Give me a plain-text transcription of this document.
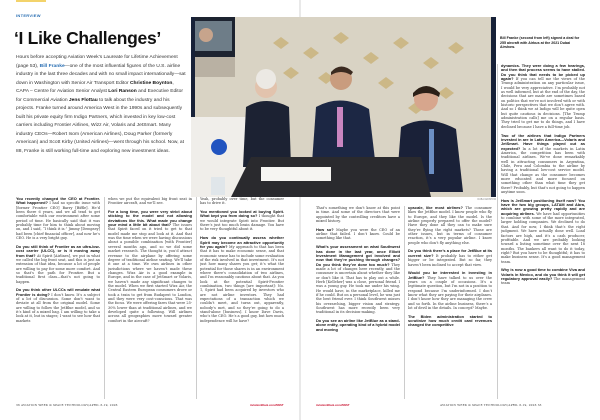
INTERVIEW
‘I Like Challenges’
Hours before accepting Aviation Week’s Laureate for Lifetime Achievement (page 53), Bill Franke—one of the most influential figures of the U.S. airline industry in the last three decades and with no small impact internationally—sat down in Washington with Senior Air Transport Editor Christine Boynton, CAPA – Centre for Aviation Senior Analyst Lori Ranson and Executive Editor for Commercial Aviation Jens Flottau to talk about the industry and his projects. Franke turned around America West in the 1990s and subsequently built his private equity firm Indigo Partners, which invested in key low-cost carriers including Frontier Airlines, Wizz Air, Volaris and JetSmart. Many industry CEOs—Robert Isom (American Airlines), Doug Parker (formerly American) and Scott Kirby (United Airlines)—went through his school. Now, at 88, Franke is still working full-time and exploring new investment ideas.
DUBAI AIRSHOW
Bill Franke (second from left) signed a deal for 255 aircraft with Airbus at the 2021 Dubai Airshow.

You recently changed the CEO at Frontier. What happened? I had no specific issue with [former Frontier CEO] Barry [Biffle]. He’d been there 6 years, and we all tend to get comfortable with our environment after some period of time. He basically said that it was probably time for him to think about moving on, and I said, “I think it is.” Jimmy [Dempsey] had been [chief financial officer], and now he’s CEO. He is a very bright guy.

Do you still think of Frontier as an ultra-low-cost carrier (ULCC), or is it moving away from that? At Spirit [Airlines], we put in what we called the big front seat, and this is just an extension of that idea, because a lot of people are willing to pay for some more comfort. And so that’s the path for Frontier. But a traditional first class—that’s not going to happen.

Do you think other ULCCs will emulate what Frontier is doing? I don’t know. It’s a subject of a lot of discussion. Some don’t want to deviate at all from the original model. Some are willing to follow the JetBlue model, and so it’s kind of a mixed bag. I am willing to take a look at it, but in stages; I want to see how that markets

when we put the equivalent big front seat in Frontier aircraft, and we’ll see.

For a long time, you were very strict about sticking to the model and not allowing deviations like this. What made you change your mind a little bit about that? The issues that Spirit faced on it tried to get to that model made me stop and look at it. And that was the time when we were having discussions about a possible combination [with Frontier] several months ago, and so we did some market research. The thought is, you’d attract revenue to the airplane by offering some degree of traditional airline seating. We’ll take it one at a time. We own airlines in other jurisdictions where we haven’t made these changes. Wizz Air is a good example in Europe, and in the case of JetSmart or Volaris, we haven’t made any significant changes to the model. When we first started Wizz Air, the Central Eastern European consumers drove or took a train to get from Budapest to London, and they were very cost-conscious. That was the focus. We were offering fares that were 25-30% lower than at traditional airlines, and we developed quite a following. Will airlines across all geographies move toward greater comfort in the aircraft?

Yeah, probably over time, but the consumer has to drive it.

You mentioned you looked at buying Spirit. What kept you from doing so? I thought that we would integrate Spirit into Frontier. But there’s just too much brain damage. You have to be very thoughtful about it.

How do you continually assess whether Spirit may become an attractive opportunity for you again? My approach to that has been that it has to make economic sense, and that economic sense has to include some evaluation of the risk involved in that investment. It’s not just how many shares you get; it’s what the potential for those shares is in an environment where there’s consolidation of two airlines, and I’m reasonably cautious about that. As you look at the potential Spirit-Frontier combination, two things [are important]: No. 1, Spirit had been acquired by investors who are not airline investors. They had expectations of a transaction which we couldn’t meet, and turns out, apparently, nobody’s met, and so they’re going to do a stand-alone [business]. I know Dave Davis, who’s the CEO. He’s a good guy, but how much independence will he have?

That’s something we don’t know at this point in time. And some of the directors that were appointed by the controlling creditors have a mixed history.

How so? Maybe you were the CEO of an airline that failed. I don’t know. Could be something like that.

What’s your assessment on what Southwest has done in the last year, once Elliott Investment Management got involved and now that they’re pushing through changes? Do you think they’ve done too much? They made a lot of changes here recently, and the consumer is uncertain about whether they like or don’t like it. That has to play out a while. Herb [Kelleher] was a close, personal friend. I was a young guy. He took me under his wing. He would have, in the marketplace, killed me if he could. But on a personal level, he was just the best friend ever. I think Southwest misses his overarching, bigger vision and strategy. Southwest has more recently been very traditional in its decision-making.

Do you see an airline like JetBlue as a stand-alone entity, operating kind of a hybrid model and moving

upscale, like most airlines? The consumer likes the JetBlue model. I know people who fly to Europe, and they like the model. Is the airline properly prepared to offer the model? Have they done all they can to make sure they’re flying the right markets? Those are other issues, but in terms of consumer reaction, it’s a very popular airline. I know people who don’t fly anything else.

Do you think there’s a place for JetBlue at its current size? It probably has to either get bigger or be integrated. But so far, they haven’t been inclined to accept that view.

Would you be interested in investing in JetBlue? They have talked to us over the years on a couple of occasions. It’s a legitimate question, but I’m not in a position to respond because I’m underinformed. I don’t know what they are paying for their airplanes. I don’t know how they are managing the crew and so forth. In the airline business, there’s a lot of devil in the details. In concept? Maybe.

The Biden administration started to scrutinize how much credit card revenues changed the competitive

dynamics. They were doing a few hearings, and then that process seems to have stalled. Do you think that needs to be picked up again? If you can tell me the views of the Trump administration on any particular issue, I would be very appreciative. I’m probably not as well informed, but at the end of the day, the decisions that are made are sometimes based on politics that we’re not involved with or with historic perspectives that we don’t agree with. And so I think we at Indigo will be quite open but quite cautious in decisions. [The Trump administration calls] me on a regular basis. They tried to get me to do things, and I have declined because I have a full-time job.

Two of the airlines that Indigo Partners invested in are in Latin America—Volaris and JetSmart. Have things played out as expected? In a lot of the markets in Latin America, the competition has been with traditional airlines. We’ve done remarkably well in attracting consumers in Argentina, Chile, Peru and Colombia to the airline by having a traditional low-cost service model. Will that change as the consumer becomes more educated and more focused on something other than what time they get there? Probably, but that’s not going to happen anytime soon.

How is JetSmart positioning itself now? You have the two big groups, LATAM and Abra, which are growing pretty rapidly and are acquiring airlines. We have had opportunities to combine with some of the more integrated, larger holding companies. We declined to do that. And for now, I think that’s the right judgment. We have actually done well. Load factors are high, and it’s a cash producer, profitable. And we are probably looking toward a listing sometime over the next 18 months. The bankers all want to do it today, right? But you have to be thoughtful; it has to make business sense. It’s a good management team.

Why is now a good time to combine Viva and Volaris in Mexico, and do you think it will get regulatory approval easily? The management team

36 AVIATION WEEK & SPACE TECHNOLOGY/APRIL 6-19, 2026	AviationWeek.com/AWST	AviationWeek.com/AWST	AVIATION WEEK & SPACE TECHNOLOGY/APRIL 6-19, 2026 33
